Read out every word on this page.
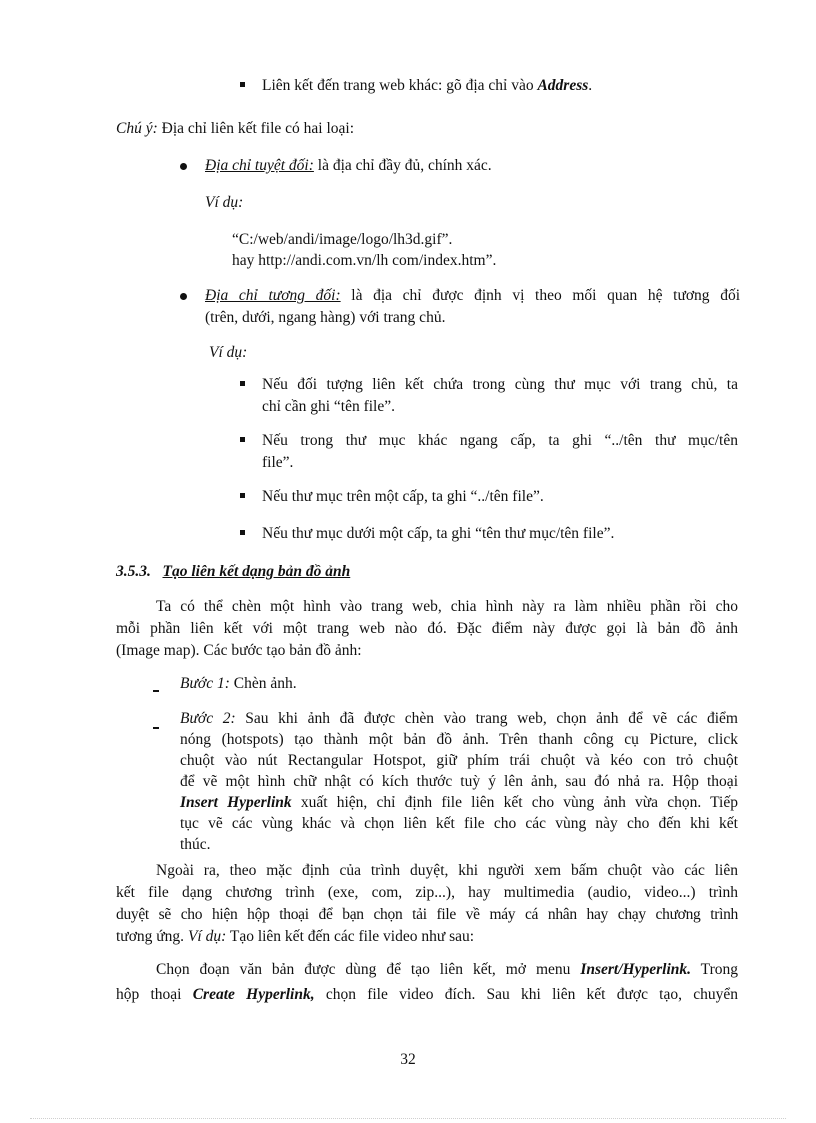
Liên kết đến trang web khác: gõ địa chỉ vào Address.
Chú ý: Địa chỉ liên kết file có hai loại:
Địa chỉ tuyệt đối: là địa chỉ đầy đủ, chính xác.
Ví dụ:
“C:/web/andi/image/logo/lh3d.gif”.
hay http://andi.com.vn/lh com/index.htm”.
Địa chỉ tương đối: là địa chỉ được định vị theo mối quan hệ tương đối
(trên, dưới, ngang hàng) với trang chủ.
Ví dụ:
Nếu đối tượng liên kết chứa trong cùng thư mục với trang chủ, ta
chỉ cần ghi “tên file”.
Nếu trong thư mục khác ngang cấp, ta ghi “../tên thư mục/tên
file”.
Nếu thư mục trên một cấp, ta ghi “../tên file”.
Nếu thư mục dưới một cấp, ta ghi “tên thư mục/tên file”.
3.5.3. Tạo liên kết dạng bản đồ ảnh
Ta có thể chèn một hình vào trang web, chia hình này ra làm nhiều phần rồi cho
mỗi phần liên kết với một trang web nào đó. Đặc điểm này được gọi là bản đồ ảnh
(Image map). Các bước tạo bản đồ ảnh:
Bước 1: Chèn ảnh.
Bước 2: Sau khi ảnh đã được chèn vào trang web, chọn ảnh để vẽ các điểm
nóng (hotspots) tạo thành một bản đồ ảnh. Trên thanh công cụ Picture, click
chuột vào nút Rectangular Hotspot, giữ phím trái chuột và kéo con trỏ chuột
để vẽ một hình chữ nhật có kích thước tuỳ ý lên ảnh, sau đó nhả ra. Hộp thoại
Insert Hyperlink xuất hiện, chỉ định file liên kết cho vùng ảnh vừa chọn. Tiếp
tục vẽ các vùng khác và chọn liên kết file cho các vùng này cho đến khi kết
thúc.
Ngoài ra, theo mặc định của trình duyệt, khi người xem bấm chuột vào các liên
kết file dạng chương trình (exe, com, zip...), hay multimedia (audio, video...) trình
duyệt sẽ cho hiện hộp thoại để bạn chọn tải file về máy cá nhân hay chạy chương trình
tương ứng. Ví dụ: Tạo liên kết đến các file video như sau:
Chọn đoạn văn bản được dùng để tạo liên kết, mở menu Insert/Hyperlink. Trong
hộp thoại Create Hyperlink, chọn file video đích. Sau khi liên kết được tạo, chuyển
32
